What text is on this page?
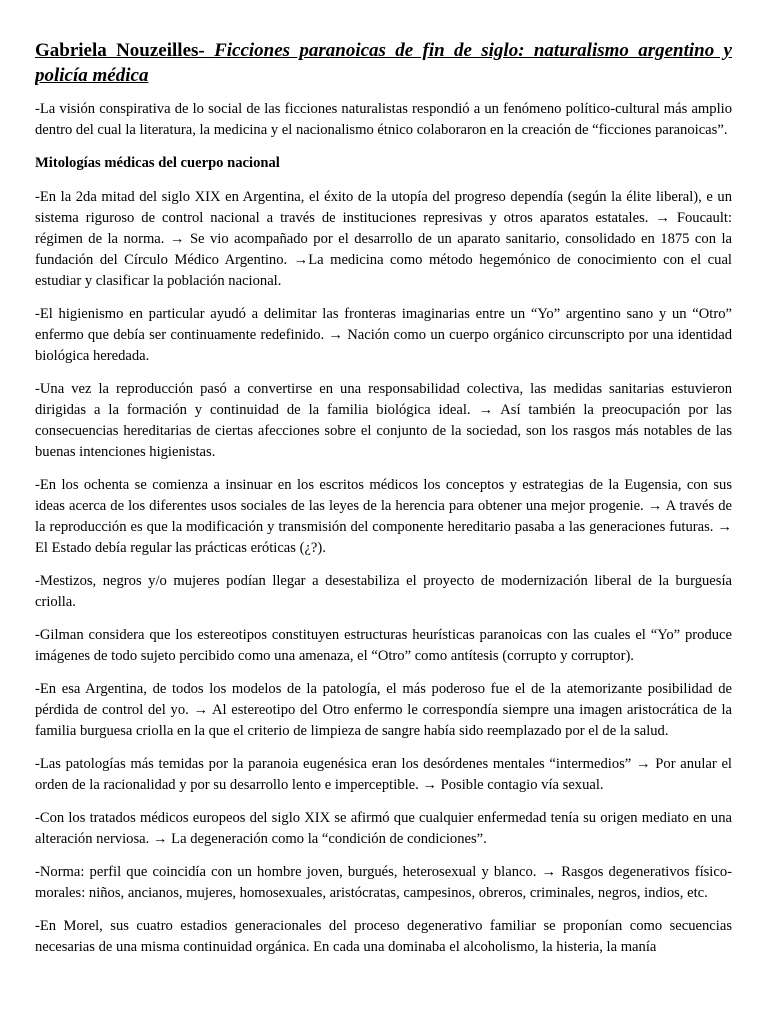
Gabriela Nouzeilles- Ficciones paranoicas de fin de siglo: naturalismo argentino y policía médica

-La visión conspirativa de lo social de las ficciones naturalistas respondió a un fenómeno político-cultural más amplio dentro del cual la literatura, la medicina y el nacionalismo étnico colaboraron en la creación de “ficciones paranoicas”.

Mitologías médicas del cuerpo nacional

-En la 2da mitad del siglo XIX en Argentina, el éxito de la utopía del progreso dependía (según la élite liberal), e un sistema riguroso de control nacional a través de instituciones represivas y otros aparatos estatales. → Foucault: régimen de la norma. → Se vio acompañado por el desarrollo de un aparato sanitario, consolidado en 1875 con la fundación del Círculo Médico Argentino. →La medicina como método hegemónico de conocimiento con el cual estudiar y clasificar la población nacional.

-El higienismo en particular ayudó a delimitar las fronteras imaginarias entre un “Yo” argentino sano y un “Otro” enfermo que debía ser continuamente redefinido. → Nación como un cuerpo orgánico circunscripto por una identidad biológica heredada.

-Una vez la reproducción pasó a convertirse en una responsabilidad colectiva, las medidas sanitarias estuvieron dirigidas a la formación y continuidad de la familia biológica ideal. → Así también la preocupación por las consecuencias hereditarias de ciertas afecciones sobre el conjunto de la sociedad, son los rasgos más notables de las buenas intenciones higienistas.

-En los ochenta se comienza a insinuar en los escritos médicos los conceptos y estrategias de la Eugensia, con sus ideas acerca de los diferentes usos sociales de las leyes de la herencia para obtener una mejor progenie. → A través de la reproducción es que la modificación y transmisión del componente hereditario pasaba a las generaciones futuras. → El Estado debía regular las prácticas eróticas (¿?).

-Mestizos, negros y/o mujeres podían llegar a desestabiliza el proyecto de modernización liberal de la burguesía criolla.

-Gilman considera que los estereotipos constituyen estructuras heurísticas paranoicas con las cuales el “Yo” produce imágenes de todo sujeto percibido como una amenaza, el “Otro” como antítesis (corrupto y corruptor).

-En esa Argentina, de todos los modelos de la patología, el más poderoso fue el de la atemorizante posibilidad de pérdida de control del yo. → Al estereotipo del Otro enfermo le correspondía siempre una imagen aristocrática de la familia burguesa criolla en la que el criterio de limpieza de sangre había sido reemplazado por el de la salud.

-Las patologías más temidas por la paranoia eugenésica eran los desórdenes mentales “intermedios” → Por anular el orden de la racionalidad y por su desarrollo lento e imperceptible. → Posible contagio vía sexual.

-Con los tratados médicos europeos del siglo XIX se afirmó que cualquier enfermedad tenía su origen mediato en una alteración nerviosa. → La degeneración como la “condición de condiciones”.

-Norma: perfil que coincidía con un hombre joven, burgués, heterosexual y blanco. → Rasgos degenerativos físico-morales: niños, ancianos, mujeres, homosexuales, aristócratas, campesinos, obreros, criminales, negros, indios, etc.

-En Morel, sus cuatro estadios generacionales del proceso degenerativo familiar se proponían como secuencias necesarias de una misma continuidad orgánica. En cada una dominaba el alcoholismo, la histeria, la manía
